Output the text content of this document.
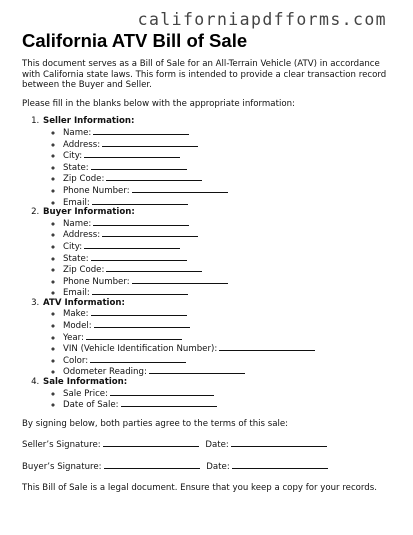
californiapdfforms.com
California ATV Bill of Sale

This document serves as a Bill of Sale for an All-Terrain Vehicle (ATV) in accordance with California state laws. This form is intended to provide a clear transaction record between the Buyer and Seller.

Please fill in the blanks below with the appropriate information:

1. Seller Information:
◦ Name:
◦ Address:
◦ City:
◦ State:
◦ Zip Code:
◦ Phone Number:
◦ Email:
2. Buyer Information:
◦ Name:
◦ Address:
◦ City:
◦ State:
◦ Zip Code:
◦ Phone Number:
◦ Email:
3. ATV Information:
◦ Make:
◦ Model:
◦ Year:
◦ VIN (Vehicle Identification Number):
◦ Color:
◦ Odometer Reading:
4. Sale Information:
◦ Sale Price:
◦ Date of Sale:

By signing below, both parties agree to the terms of this sale:

Seller’s Signature:	Date:
Buyer’s Signature:	Date:

This Bill of Sale is a legal document. Ensure that you keep a copy for your records.
